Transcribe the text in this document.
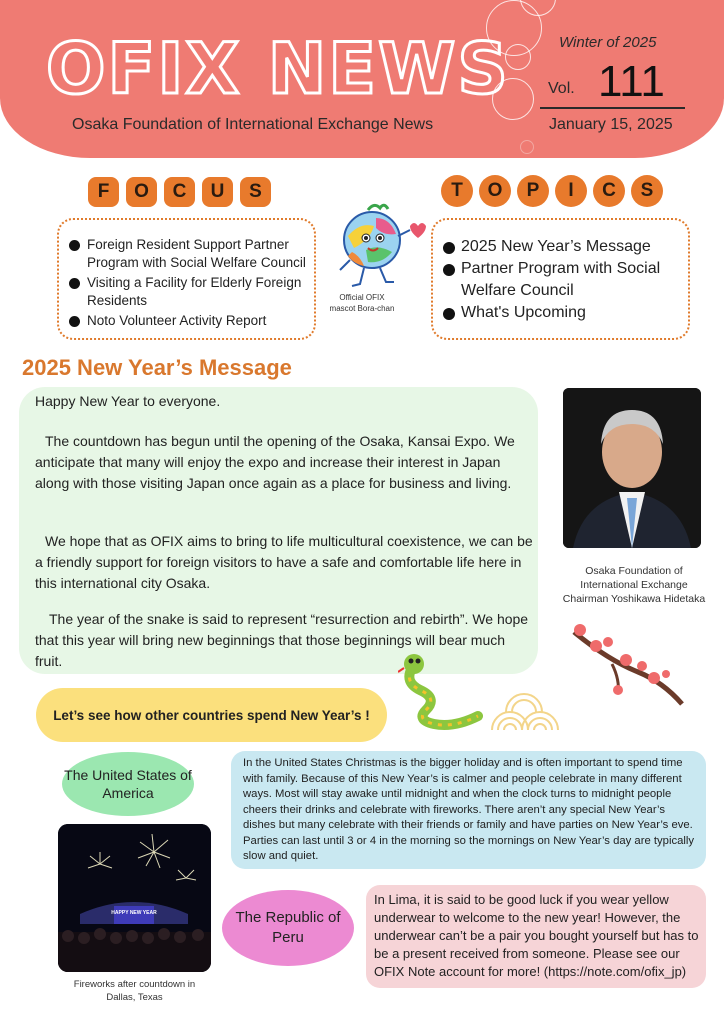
OFIX NEWS
Osaka Foundation of International Exchange News
Winter of 2025
Vol. 111
January 15, 2025
F	O	C	U	S
Foreign Resident Support Partner Program with Social Welfare Council
Visiting a Facility for Elderly Foreign Residents
Noto Volunteer Activity Report
Official OFIX mascot Bora-chan
T	O	P	I	C	S
2025 New Year’s Message
Partner Program with Social Welfare Council
What's Upcoming
2025 New Year’s Message

Happy New Year to everyone.

The countdown has begun until the opening of the Osaka, Kansai Expo. We anticipate that many will enjoy the expo and increase their interest in Japan along with those visiting Japan once again as a place for business and living.

We hope that as OFIX aims to bring to life multicultural coexistence, we can be a friendly support for foreign visitors to have a safe and comfortable life here in this international city Osaka.

The year of the snake is said to represent “resurrection and rebirth”. We hope that this year will bring new beginnings that those beginnings will bear much fruit.

Osaka Foundation of International Exchange Chairman Yoshikawa Hidetaka
Let’s see how other countries spend New Year’s !
The United States of America

In the United States Christmas is the bigger holiday and is often important to spend time with family. Because of this New Year’s is calmer and people celebrate in many different ways. Most will stay awake until midnight and when the clock turns to midnight people cheers their drinks and celebrate with fireworks. There aren’t any special New Year’s dishes but many celebrate with their friends or family and have parties on New Year’s eve. Parties can last until 3 or 4 in the morning so the mornings on New Year’s day are typically slow and quiet.

HAPPY NEW YEAR
Fireworks after countdown in Dallas, Texas
The Republic of Peru

In Lima, it is said to be good luck if you wear yellow underwear to welcome to the new year! However, the underwear can’t be a pair you bought yourself but has to be a present received from someone. Please see our OFIX Note account for more! (https://note.com/ofix_jp)
